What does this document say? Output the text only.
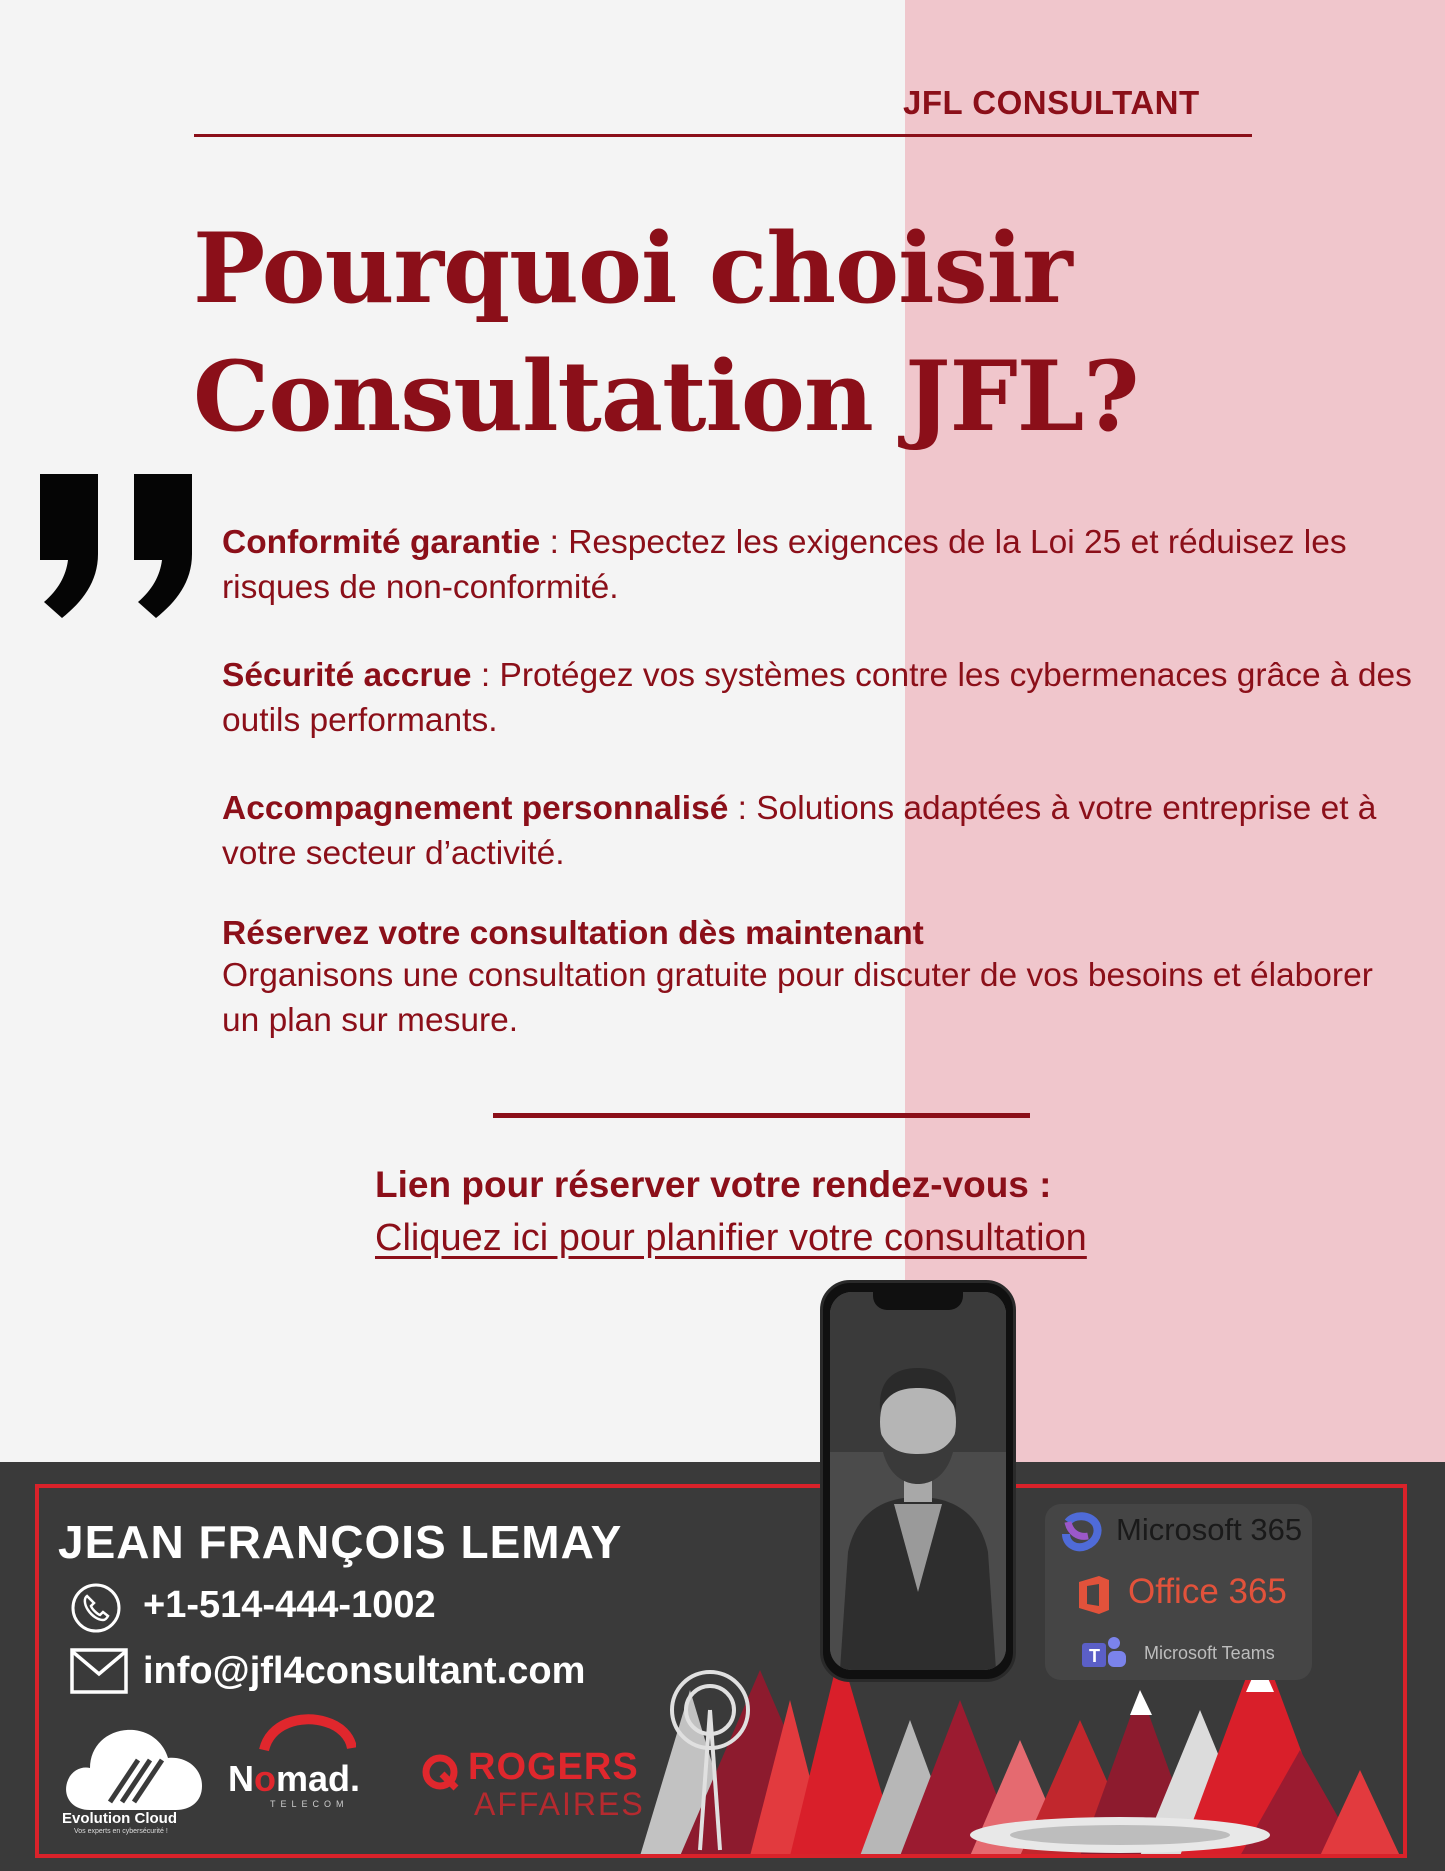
JFL CONSULTANT
Pourquoi choisir
Consultation JFL?
Conformité garantie : Respectez les exigences de la Loi 25 et réduisez les risques de non-conformité.
Sécurité accrue : Protégez vos systèmes contre les cybermenaces grâce à des outils performants.
Accompagnement personnalisé : Solutions adaptées à votre entreprise et à votre secteur d’activité.
Réservez votre consultation dès maintenant
Organisons une consultation gratuite pour discuter de vos besoins et élaborer un plan sur mesure.
Lien pour réserver votre rendez-vous :
Cliquez ici pour planifier votre consultation
JEAN FRANÇOIS LEMAY
+1-514-444-1002
info@jfl4consultant.com
Evolution Cloud
Vos experts en cybersécurité !
Nomad.
TELECOM
ROGERS
AFFAIRES
Microsoft 365
Office 365
T Microsoft Teams
